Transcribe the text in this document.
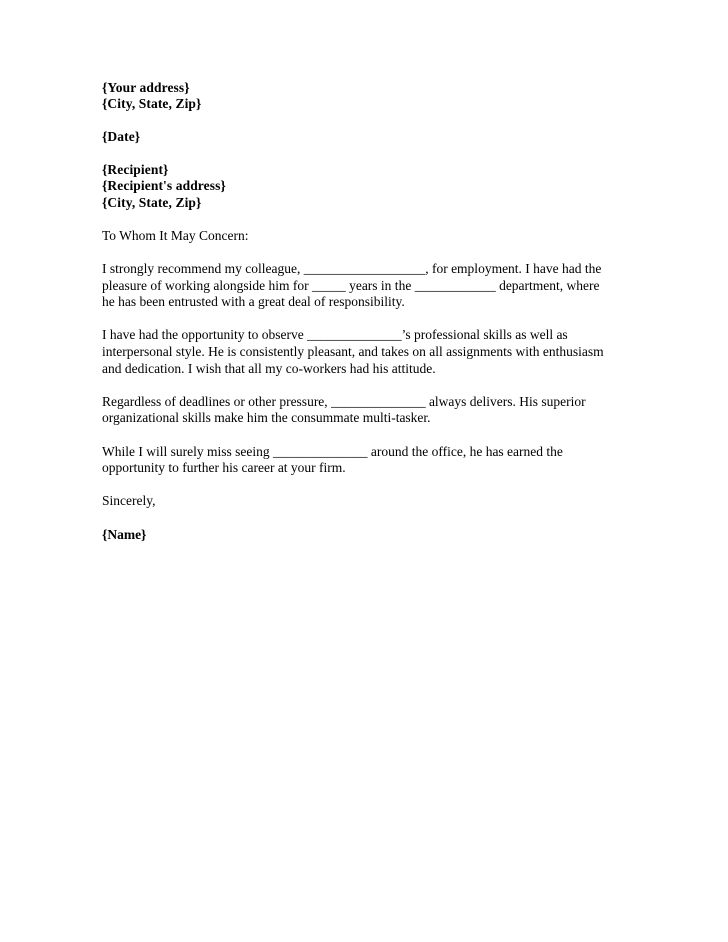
{Your address}
{City, State, Zip}
{Date}
{Recipient}
{Recipient's address}
{City, State, Zip}
To Whom It May Concern:
I strongly recommend my colleague, __________________, for employment. I have had the pleasure of working alongside him for _____ years in the ____________ department, where he has been entrusted with a great deal of responsibility.
I have had the opportunity to observe ______________’s professional skills as well as interpersonal style. He is consistently pleasant, and takes on all assignments with enthusiasm and dedication. I wish that all my co-workers had his attitude.
Regardless of deadlines or other pressure, ______________ always delivers. His superior organizational skills make him the consummate multi-tasker.
While I will surely miss seeing ______________ around the office, he has earned the opportunity to further his career at your firm.
Sincerely,
{Name}
